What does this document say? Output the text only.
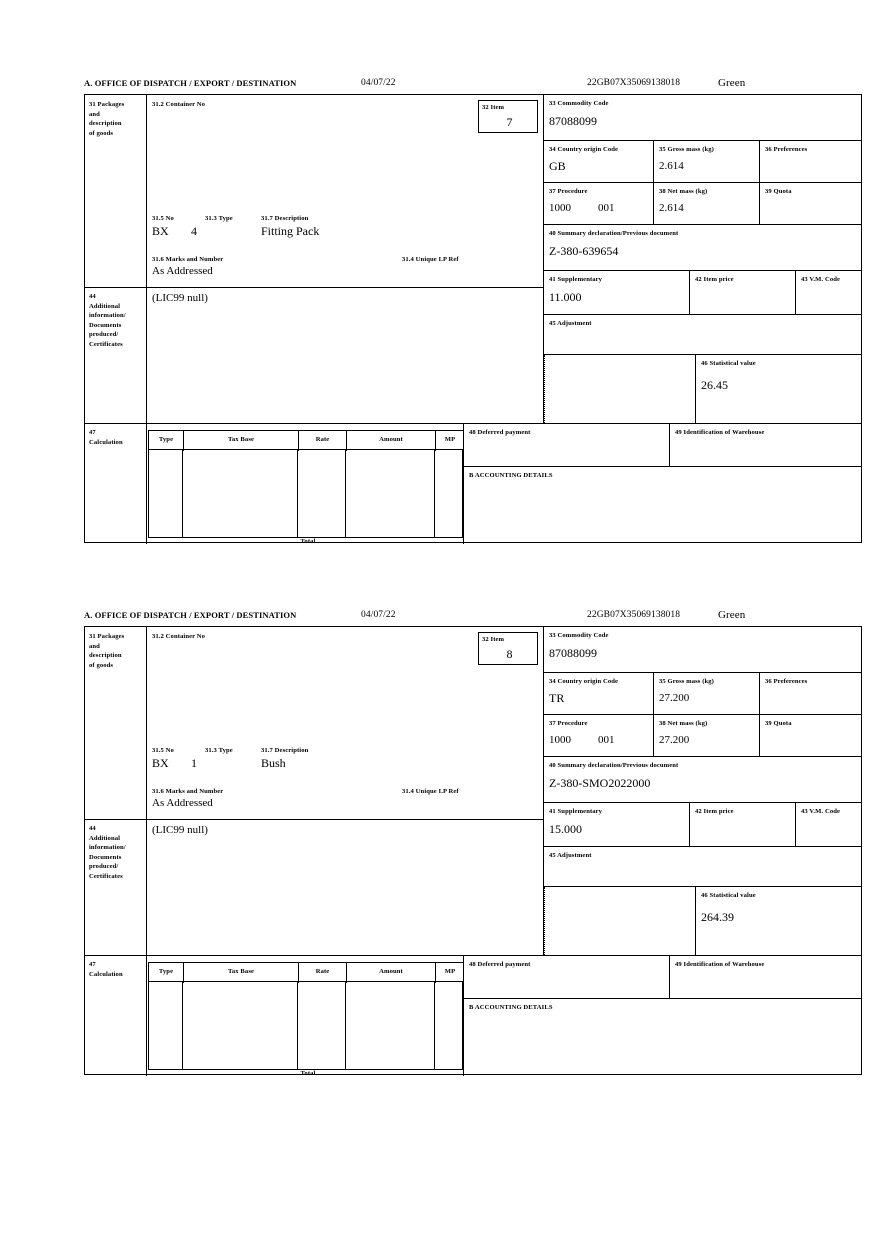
A. OFFICE OF DISPATCH / EXPORT / DESTINATION	04/07/22	22GB07X35069138018	Green
31 Packages
and
description
of goods
31.2 Container No
31.5 No	31.3 Type	31.7 Description
BX 4	Fitting Pack
31.6 Marks and Number
As Addressed
31.4 Unique I.P Ref
32 Item
7
33 Commodity Code
87088099
34 Country origin Code
GB
35 Gross mass (kg)
2.614
36 Preferences
37 Procedure
1000 001
38 Net mass (kg)
2.614
39 Quota
40 Summary declaration/Previous document
Z-380-639654
41 Supplementary
11.000
42 Item price	43 V.M. Code
45 Adjustment
46 Statistical value
26.45
44
Additional
information/
Documents
produced/
Certificates
(LIC99 null)
47
Calculation	Type	Tax Base	Rate	Amount	MP
Total
48 Deferred payment	49 Identification of Warehouse
B ACCOUNTING DETAILS
A. OFFICE OF DISPATCH / EXPORT / DESTINATION	04/07/22	22GB07X35069138018	Green
31 Packages
and
description
of goods
31.2 Container No
31.5 No	31.3 Type	31.7 Description
BX 1	Bush
31.6 Marks and Number
As Addressed
31.4 Unique I.P Ref
32 Item
8
33 Commodity Code
87088099
34 Country origin Code
TR
35 Gross mass (kg)
27.200
36 Preferences
37 Procedure
1000 001
38 Net mass (kg)
27.200
39 Quota
40 Summary declaration/Previous document
Z-380-SMO2022000
41 Supplementary
15.000
42 Item price	43 V.M. Code
45 Adjustment
46 Statistical value
264.39
44
Additional
information/
Documents
produced/
Certificates
(LIC99 null)
47
Calculation	Type	Tax Base	Rate	Amount	MP
Total
48 Deferred payment	49 Identification of Warehouse
B ACCOUNTING DETAILS
